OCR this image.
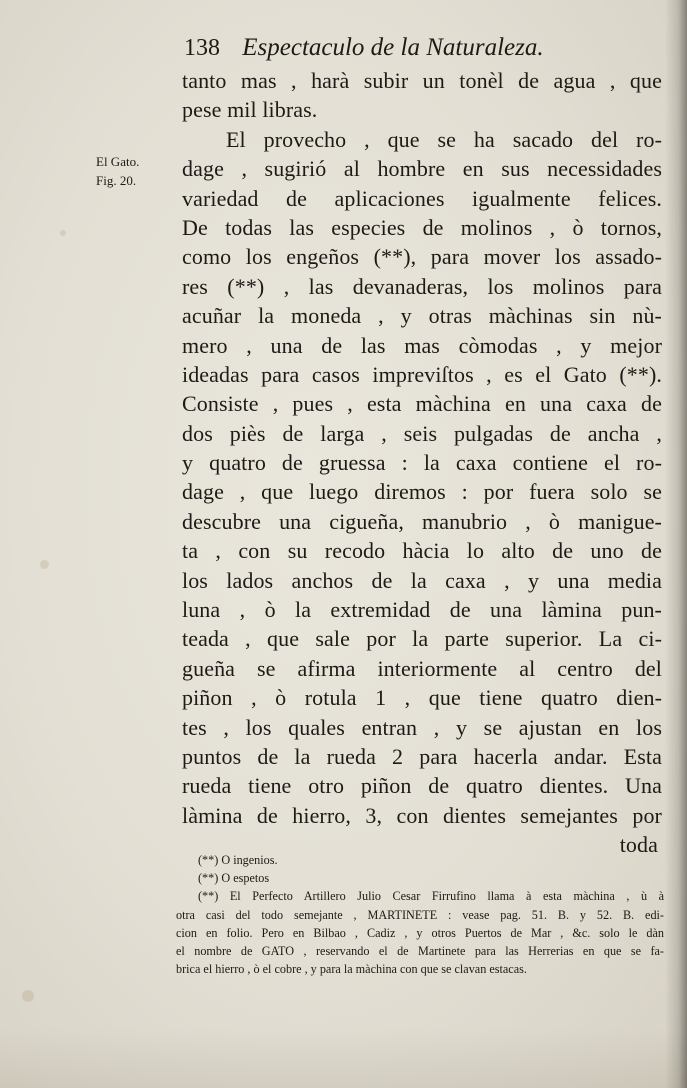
138 Espectaculo de la Naturaleza.
El Gato.
Fig. 20.
tanto mas , harà subir un tonèl de agua , que
pese mil libras.
El provecho , que se ha sacado del ro-
dage , sugirió al hombre en sus necessidades
variedad de aplicaciones igualmente felices.
De todas las especies de molinos , ò tornos,
como los engeños (**), para mover los assado-
res (**) , las devanaderas, los molinos para
acuñar la moneda , y otras màchinas sin nù-
mero , una de las mas còmodas , y mejor
ideadas para casos impreviſtos , es el Gato (**).
Consiste , pues , esta màchina en una caxa de
dos piès de larga , seis pulgadas de ancha ,
y quatro de gruessa : la caxa contiene el ro-
dage , que luego diremos : por fuera solo se
descubre una cigueña, manubrio , ò manigue-
ta , con su recodo hàcia lo alto de uno de
los lados anchos de la caxa , y una media
luna , ò la extremidad de una làmina pun-
teada , que sale por la parte superior. La ci-
gueña se afirma interiormente al centro del
piñon , ò rotula 1 , que tiene quatro dien-
tes , los quales entran , y se ajustan en los
puntos de la rueda 2 para hacerla andar. Esta
rueda tiene otro piñon de quatro dientes. Una
làmina de hierro, 3, con dientes semejantes por
toda
(**) O ingenios.
(**) O espetos
(**) El Perfecto Artillero Julio Cesar Firrufino llama à esta màchina , ù à
otra casi del todo semejante , MARTINETE : vease pag. 51. B. y 52. B. edi-
cion en folio. Pero en Bilbao , Cadiz , y otros Puertos de Mar , &c. solo le dàn
el nombre de GATO , reservando el de Martinete para las Herrerias en que se fa-
brica el hierro , ò el cobre , y para la màchina con que se clavan estacas.
